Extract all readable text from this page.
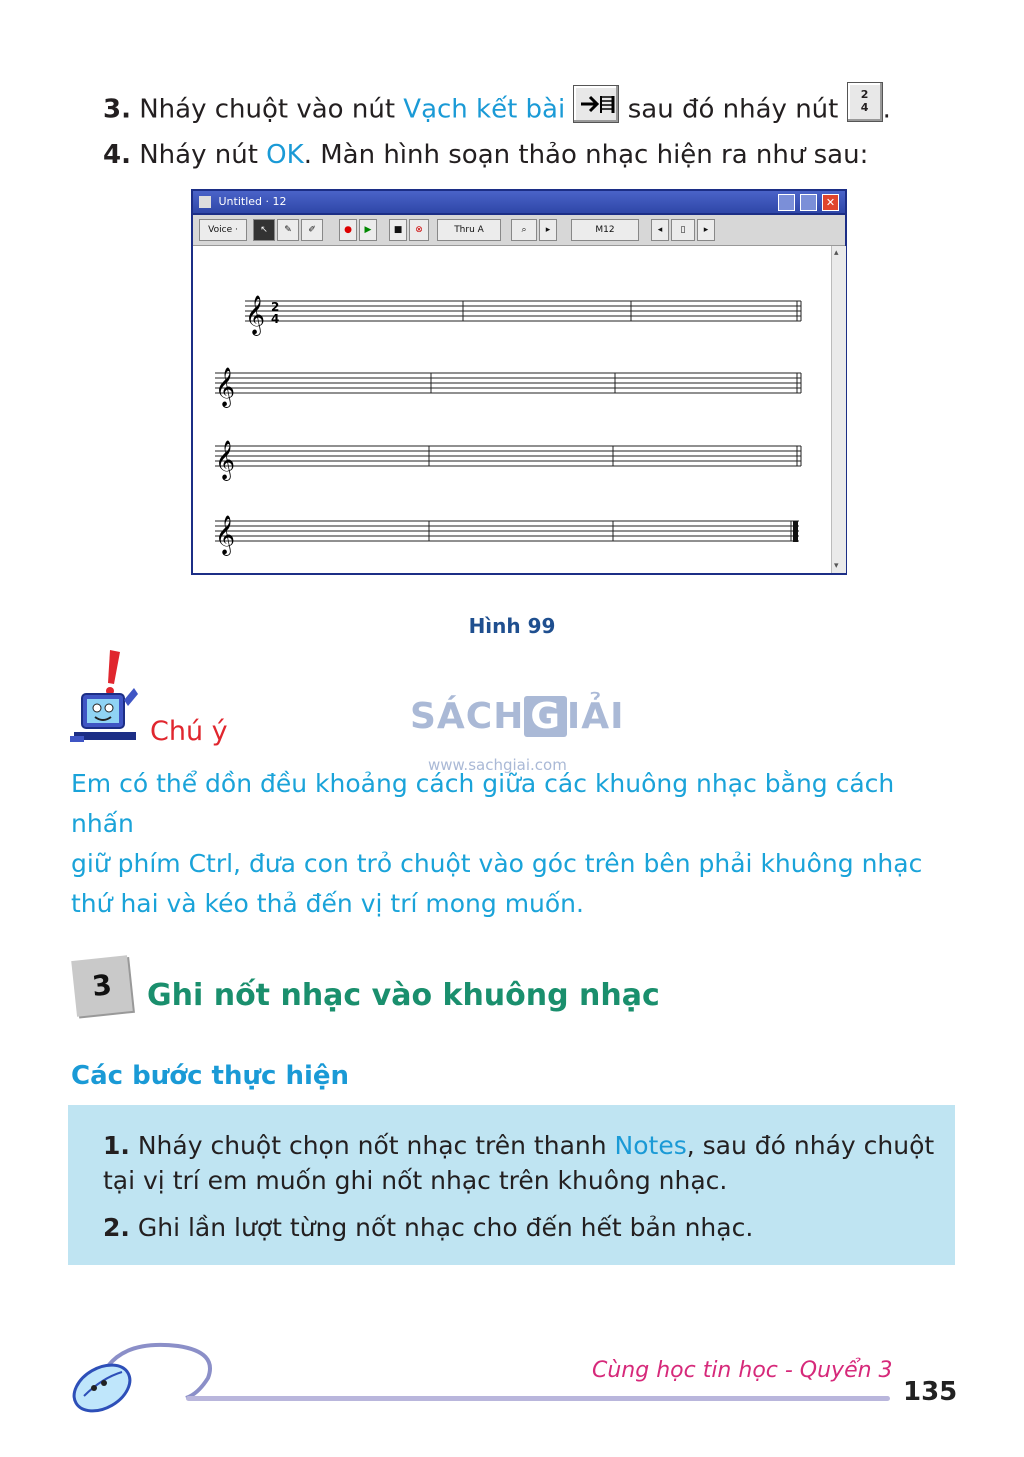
3. Nháy chuột vào nút Vạch kết bài sau đó nháy nút	2
4 .
4. Nháy nút OK. Màn hình soạn thảo nhạc hiện ra như sau:
Untitled · 12	✕
Voice ·	↖	✎	✐	●	▶	■	⊗	Thru A	⌕	▸	M12	◂	▯	▸
𝄞 2
4
𝄞
𝄞
𝄞
▴
▾
Hình 99
Chú ý	SÁCH G IẢI
www.sachgiai.com
Em có thể dồn đều khoảng cách giữa các khuông nhạc bằng cách nhấn
giữ phím Ctrl, đưa con trỏ chuột vào góc trên bên phải khuông nhạc
thứ hai và kéo thả đến vị trí mong muốn.
3	Ghi nốt nhạc vào khuông nhạc
Các bước thực hiện
1. Nháy chuột chọn nốt nhạc trên thanh Notes, sau đó nháy chuột
tại vị trí em muốn ghi nốt nhạc trên khuông nhạc.
2. Ghi lần lượt từng nốt nhạc cho đến hết bản nhạc.
Cùng học tin học - Quyển 3
135
